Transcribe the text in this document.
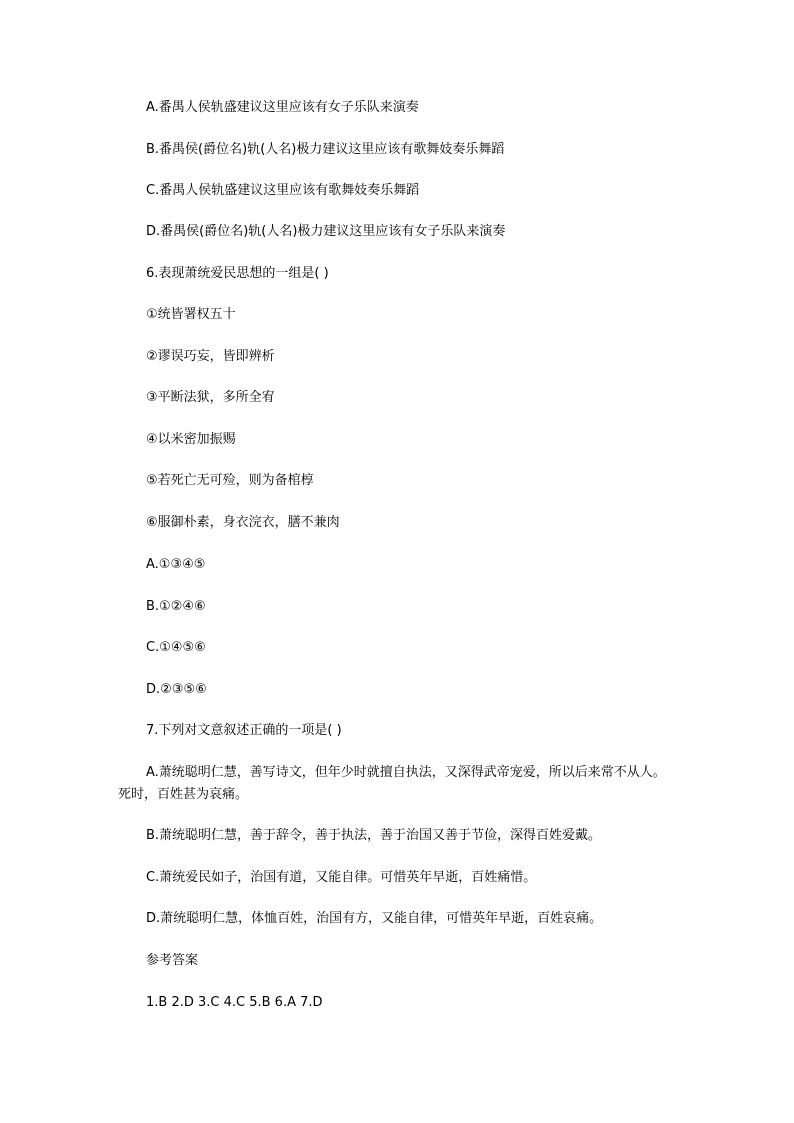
A.番禺人侯轨盛建议这里应该有女子乐队来演奏
B.番禺侯(爵位名)轨(人名)极力建议这里应该有歌舞妓奏乐舞蹈
C.番禺人侯轨盛建议这里应该有歌舞妓奏乐舞蹈
D.番禺侯(爵位名)轨(人名)极力建议这里应该有女子乐队来演奏
6.表现萧统爱民思想的一组是( )
①统皆署权五十
②谬误巧妄，皆即辨析
③平断法狱，多所全宥
④以米密加振赐
⑤若死亡无可殓，则为备棺椁
⑥服御朴素，身衣浣衣，膳不兼肉
A.①③④⑤
B.①②④⑥
C.①④⑤⑥
D.②③⑤⑥
7.下列对文意叙述正确的一项是( )
A.萧统聪明仁慧，善写诗文，但年少时就擅自执法，又深得武帝宠爱，所以后来常不从人。死时，百姓甚为哀痛。
B.萧统聪明仁慧，善于辞令，善于执法，善于治国又善于节俭，深得百姓爱戴。
C.萧统爱民如子，治国有道，又能自律。可惜英年早逝，百姓痛惜。
D.萧统聪明仁慧，体恤百姓，治国有方，又能自律，可惜英年早逝，百姓哀痛。
参考答案
1.B 2.D 3.C 4.C 5.B 6.A 7.D
